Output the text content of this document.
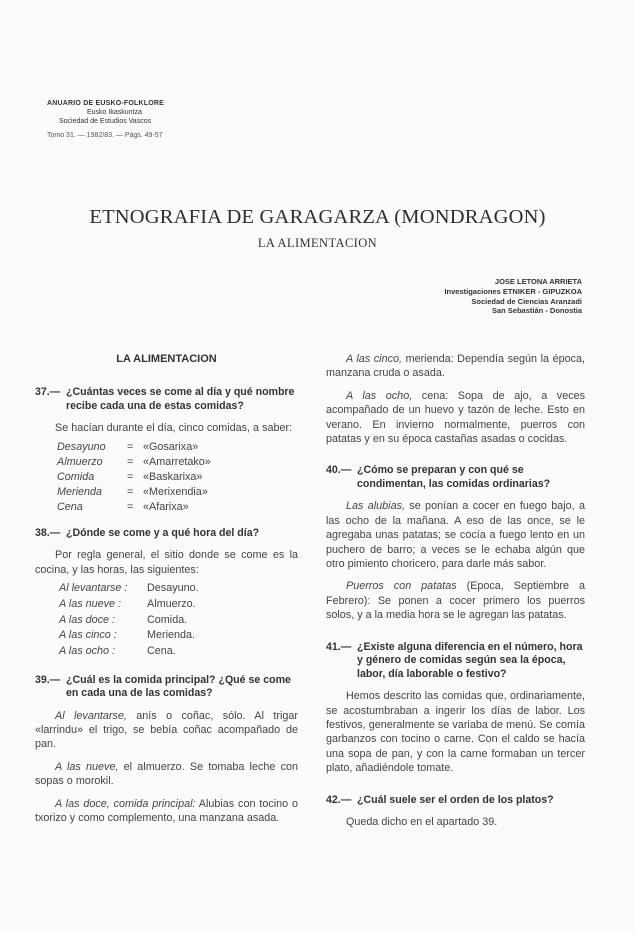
ANUARIO DE EUSKO-FOLKLORE
Eusko Ikaskuntza
Sociedad de Estudios Vascos
Tomo 31. — 1982/83. — Págs. 49-57
ETNOGRAFIA DE GARAGARZA (MONDRAGON)
LA ALIMENTACION
JOSE LETONA ARRIETA
Investigaciones ETNIKER - GIPUZKOA
Sociedad de Ciencias Aranzadi
San Sebastián - Donostia
LA ALIMENTACION
37.— ¿Cuántas veces se come al día y qué nombre recibe cada una de estas comidas?

Se hacían durante el día, cinco comidas, a saber:

Desayuno	= «Gosarixa»
Almuerzo	= «Amarretako»
Comida	= «Baskarixa»
Merienda	= «Merixendia»
Cena	= «Afarixa»
38.— ¿Dónde se come y a qué hora del día?

Por regla general, el sitio donde se come es la cocina, y las horas, las siguientes:

Al levantarse :	Desayuno.
A las nueve :	Almuerzo.
A las doce :	Comida.
A las cinco :	Merienda.
A las ocho :	Cena.
39.— ¿Cuál es la comida principal? ¿Qué se come en cada una de las comidas?

Al levantarse, anís o coñac, sólo. Al trigar «larrindu» el trigo, se bebía coñac acompañado de pan.

A las nueve, el almuerzo. Se tomaba leche con sopas o morokil.

A las doce, comida principal: Alubias con tocino o txorizo y como complemento, una manzana asada.

A las cinco, merienda: Dependía según la época, manzana cruda o asada.

A las ocho, cena: Sopa de ajo, a veces acompañado de un huevo y tazón de leche. Esto en verano. En invierno normalmente, puerros con patatas y en su época castañas asadas o cocidas.

40.— ¿Cómo se preparan y con qué se condimentan, las comidas ordinarias?

Las alubias, se ponían a cocer en fuego bajo, a las ocho de la mañana. A eso de las once, se le agregaba unas patatas; se cocía a fuego lento en un puchero de barro; a veces se le echaba algún que otro pimiento choricero, para darle más sabor.

Puerros con patatas (Epoca, Septiembre a Febrero): Se ponen a cocer primero los puerros solos, y a la media hora se le agregan las patatas.

41.— ¿Existe alguna diferencia en el número, hora y género de comidas según sea la época, labor, día laborable o festivo?

Hemos descrito las comidas que, ordinariamente, se acostumbraban a ingerir los días de labor. Los festivos, generalmente se variaba de menú. Se comía garbanzos con tocino o carne. Con el caldo se hacía una sopa de pan, y con la carne formaban un tercer plato, añadiéndole tomate.

42.— ¿Cuál suele ser el orden de los platos?

Queda dicho en el apartado 39.
